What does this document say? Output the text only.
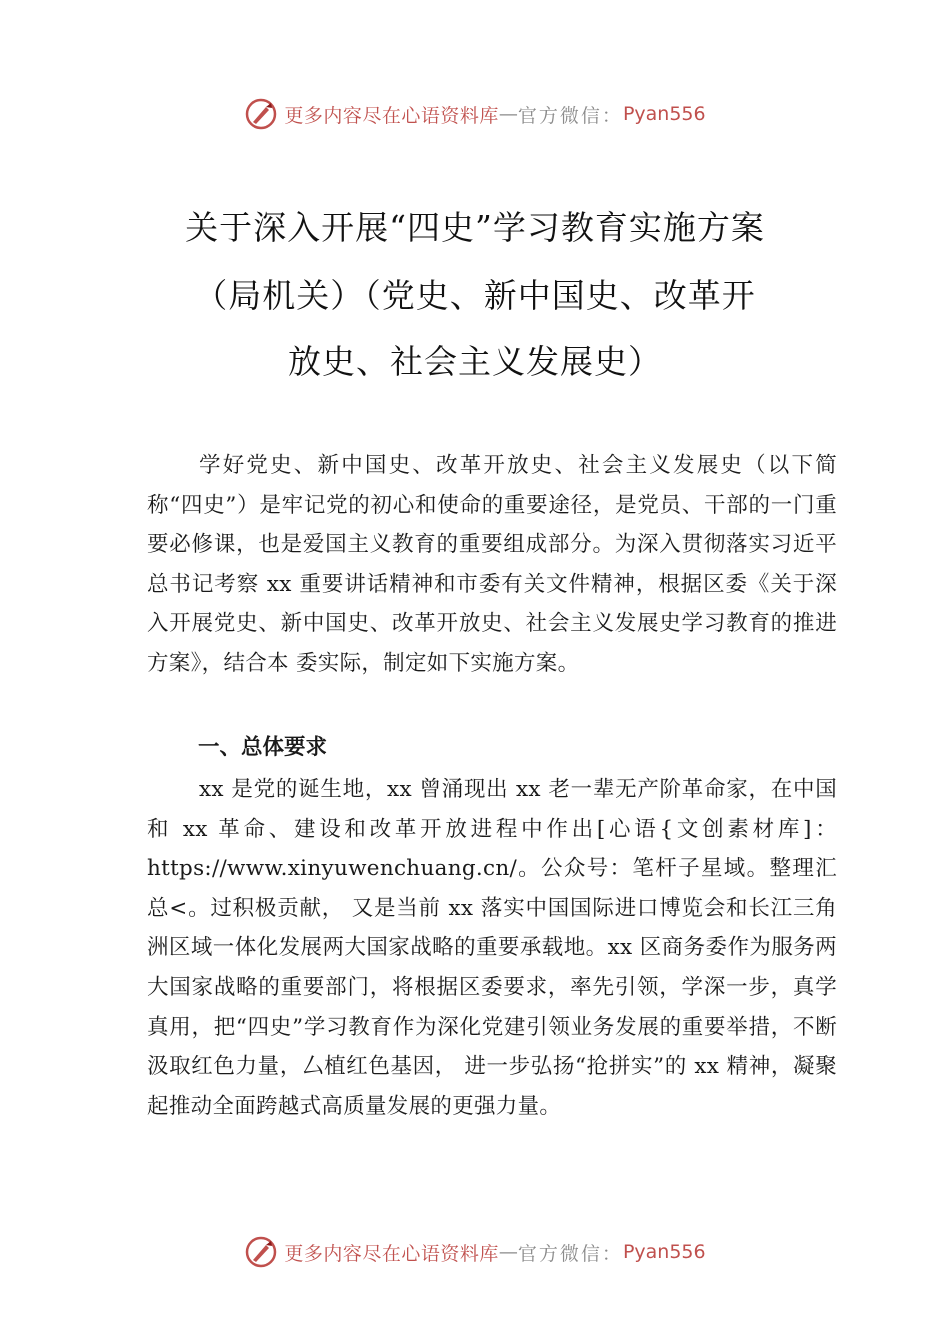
更多内容尽在心语资料库 — 官方微信： Pyan556
关于深入开展“四史”学习教育实施方案
（局机关）（党史、新中国史、改革开
放史、社会主义发展史）
学好党史、新中国史、改革开放史、社会主义发展史（以下简称“四史”）是牢记党的初心和使命的重要途径，是党员、干部的一门重要必修课，也是爱国主义教育的重要组成部分。为深入贯彻落实习近平总书记考察 xx 重要讲话精神和市委有关文件精神，根据区委《关于深入开展党史、新中国史、改革开放史、社会主义发展史学习教育的推进方案》，结合本 委实际，制定如下实施方案。
一、总体要求
xx 是党的诞生地，xx 曾涌现出 xx 老一辈无产阶革命家，在中国和 xx 革命、建设和改革开放进程中作出[心语{文创素材库]：https://www.xinyuwenchuang.cn/。公众号：笔杆子星域。整理汇总<。过积极贡献， 又是当前 xx 落实中国国际进口博览会和长江三角洲区域一体化发展两大国家战略的重要承载地。xx 区商务委作为服务两大国家战略的重要部门，将根据区委要求，率先引领，学深一步，真学真用，把“四史”学习教育作为深化党建引领业务发展的重要举措，不断汲取红色力量，厶植红色基因， 进一步弘扬“抢拼实”的 xx 精神，凝聚起推动全面跨越式高质量发展的更强力量。
更多内容尽在心语资料库 — 官方微信： Pyan556
